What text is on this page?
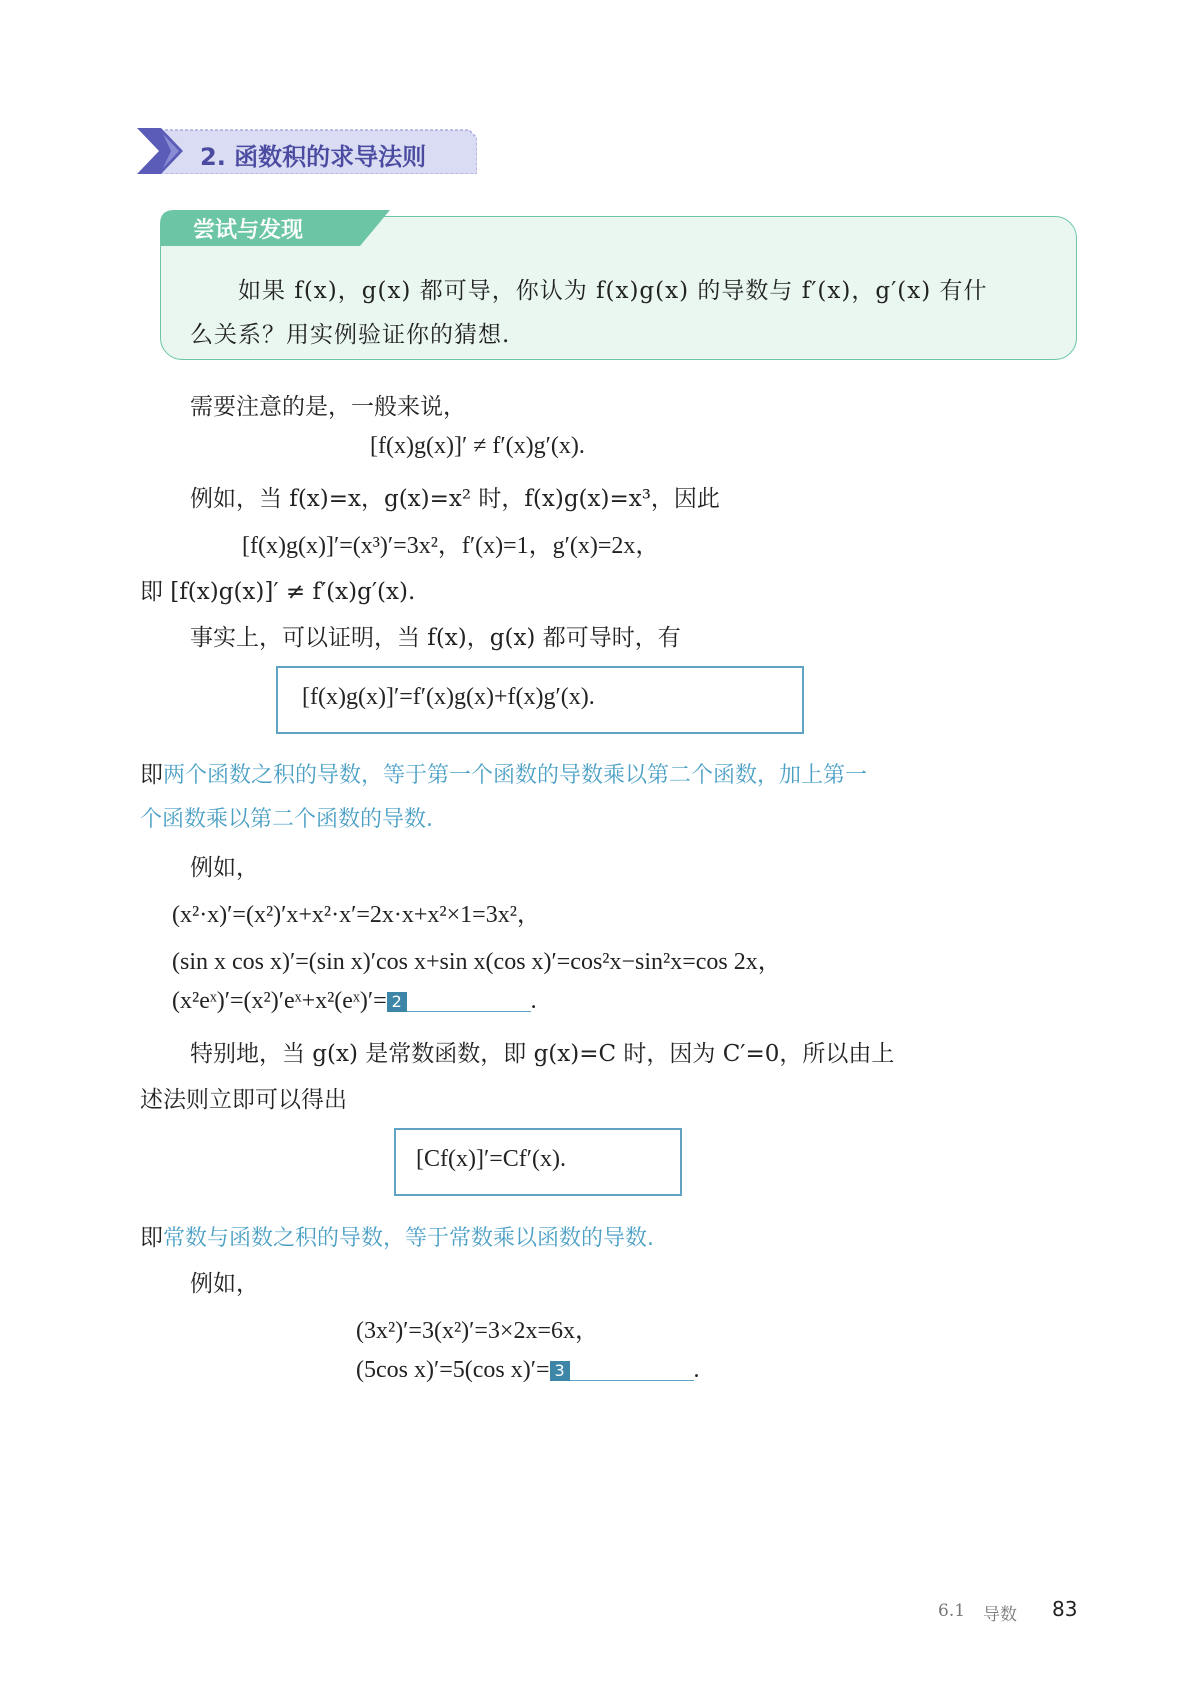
2. 函数积的求导法则
尝试与发现
如果 f(x)，g(x) 都可导，你认为 f(x)g(x) 的导数与 f′(x)，g′(x) 有什
么关系？用实例验证你的猜想.
需要注意的是，一般来说，
[f(x)g(x)]′ ≠ f′(x)g′(x).
例如，当 f(x)=x，g(x)=x² 时，f(x)g(x)=x³，因此
[f(x)g(x)]′=(x³)′=3x²，f′(x)=1，g′(x)=2x，
即 [f(x)g(x)]′ ≠ f′(x)g′(x).
事实上，可以证明，当 f(x)，g(x) 都可导时，有
[f(x)g(x)]′=f′(x)g(x)+f(x)g′(x).
即两个函数之积的导数，等于第一个函数的导数乘以第二个函数，加上第一
个函数乘以第二个函数的导数.
例如，
(x²·x)′=(x²)′x+x²·x′=2x·x+x²×1=3x²，
(sin x cos x)′=(sin x)′cos x+sin x(cos x)′=cos²x−sin²x=cos 2x，
(x²eˣ)′=(x²)′eˣ+x²(eˣ)′= 2	.
特别地，当 g(x) 是常数函数，即 g(x)=C 时，因为 C′=0，所以由上
述法则立即可以得出
[Cf(x)]′=Cf′(x).
即常数与函数之积的导数，等于常数乘以函数的导数.
例如，
(3x²)′=3(x²)′=3×2x=6x，
(5cos x)′=5(cos x)′= 3	.
6.1 导数 83
